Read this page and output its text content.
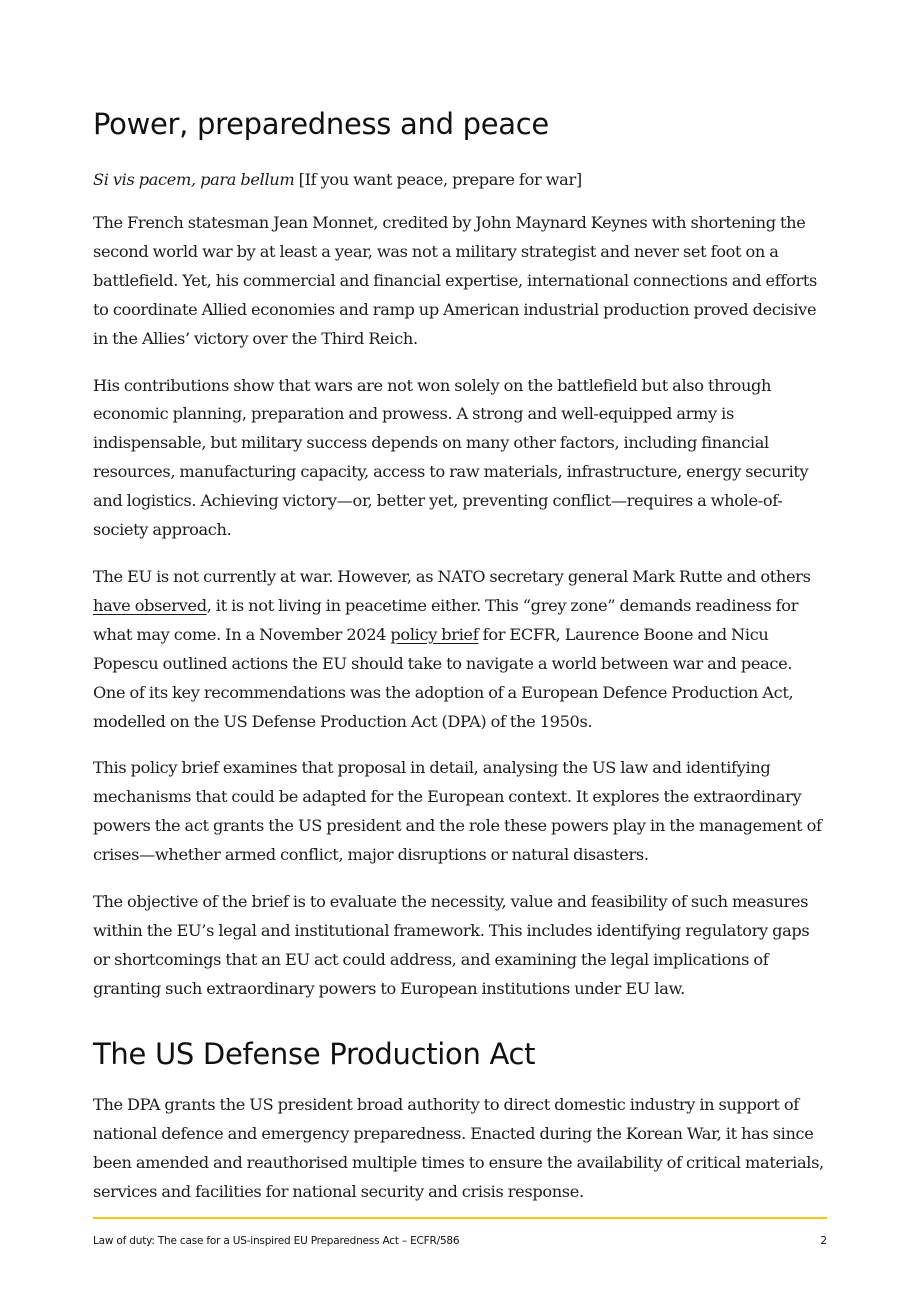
Power, preparedness and peace

Si vis pacem, para bellum [If you want peace, prepare for war]

The French statesman Jean Monnet, credited by John Maynard Keynes with shortening the second world war by at least a year, was not a military strategist and never set foot on a battlefield. Yet, his commercial and financial expertise, international connections and efforts to coordinate Allied economies and ramp up American industrial production proved decisive in the Allies’ victory over the Third Reich.

His contributions show that wars are not won solely on the battlefield but also through economic planning, preparation and prowess. A strong and well-equipped army is indispensable, but military success depends on many other factors, including financial resources, manufacturing capacity, access to raw materials, infrastructure, energy security and logistics. Achieving victory—or, better yet, preventing conflict—requires a whole-of-society approach.

The EU is not currently at war. However, as NATO secretary general Mark Rutte and others have observed, it is not living in peacetime either. This “grey zone” demands readiness for what may come. In a November 2024 policy brief for ECFR, Laurence Boone and Nicu Popescu outlined actions the EU should take to navigate a world between war and peace. One of its key recommendations was the adoption of a European Defence Production Act, modelled on the US Defense Production Act (DPA) of the 1950s.

This policy brief examines that proposal in detail, analysing the US law and identifying mechanisms that could be adapted for the European context. It explores the extraordinary powers the act grants the US president and the role these powers play in the management of crises—whether armed conflict, major disruptions or natural disasters.

The objective of the brief is to evaluate the necessity, value and feasibility of such measures within the EU’s legal and institutional framework. This includes identifying regulatory gaps or shortcomings that an EU act could address, and examining the legal implications of granting such extraordinary powers to European institutions under EU law.

The US Defense Production Act

The DPA grants the US president broad authority to direct domestic industry in support of national defence and emergency preparedness. Enacted during the Korean War, it has since been amended and reauthorised multiple times to ensure the availability of critical materials, services and facilities for national security and crisis response.

Law of duty: The case for a US-inspired EU Preparedness Act – ECFR/586	2
